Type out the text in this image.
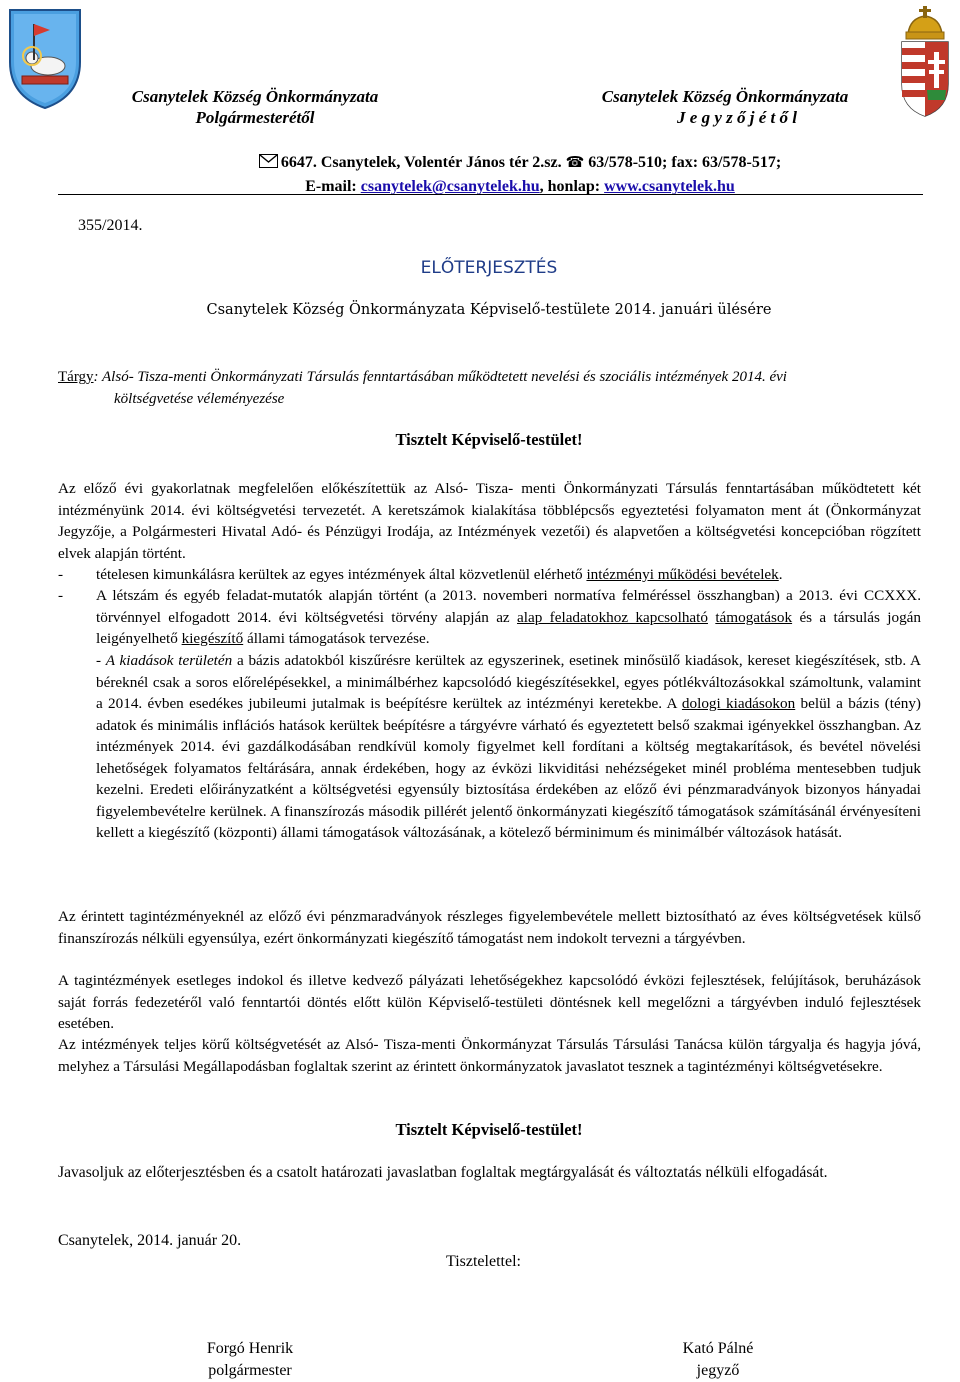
Csanytelek Község Önkormányzata
Polgármesterétől
Csanytelek Község Önkormányzata
J e g y z ő j é t ő l
6647. Csanytelek, Volentér János tér 2.sz. ☎ 63/578-510; fax: 63/578-517;
E-mail: csanytelek@csanytelek.hu, honlap: www.csanytelek.hu
355/2014.
ELŐTERJESZTÉS
Csanytelek Község Önkormányzata Képviselő-testülete 2014. januári ülésére
Tárgy: Alsó- Tisza-menti Önkormányzati Társulás fenntartásában működtetett nevelési és szociális intézmények 2014. évi
költségvetése véleményezése
Tisztelt Képviselő-testület!
Az előző évi gyakorlatnak megfelelően előkészítettük az Alsó- Tisza- menti Önkormányzati Társulás fenntartásában működtetett két intézményünk 2014. évi költségvetési tervezetét. A keretszámok kialakítása többlépcsős egyeztetési folyamaton ment át (Önkormányzat Jegyzője, a Polgármesteri Hivatal Adó- és Pénzügyi Irodája, az Intézmények vezetői) és alapvetően a költségvetési koncepcióban rögzített elvek alapján történt.
- tételesen kimunkálásra kerültek az egyes intézmények által közvetlenül elérhető intézményi működési bevételek.
- A létszám és egyéb feladat-mutatók alapján történt (a 2013. novemberi normatíva felméréssel összhangban) a 2013. évi CCXXX. törvénnyel elfogadott 2014. évi költségvetési törvény alapján az alap feladatokhoz kapcsolható támogatások és a társulás jogán leigényelhető kiegészítő állami támogatások tervezése.
- A kiadások területén a bázis adatokból kiszűrésre kerültek az egyszerinek, esetinek minősülő kiadások, kereset kiegészítések, stb. A béreknél csak a soros előrelépésekkel, a minimálbérhez kapcsolódó kiegészítésekkel, egyes pótlékváltozásokkal számoltunk, valamint a 2014. évben esedékes jubileumi jutalmak is beépítésre kerültek az intézményi keretekbe. A dologi kiadásokon belül a bázis (tény) adatok és minimális inflációs hatások kerültek beépítésre a tárgyévre várható és egyeztetett belső szakmai igényekkel összhangban. Az intézmények 2014. évi gazdálkodásában rendkívül komoly figyelmet kell fordítani a költség megtakarítások, és bevétel növelési lehetőségek folyamatos feltárására, annak érdekében, hogy az évközi likviditási nehézségeket minél probléma mentesebben tudjuk kezelni. Eredeti előirányzatként a költségvetési egyensúly biztosítása érdekében az előző évi pénzmaradványok bizonyos hányadai figyelembevételre kerülnek. A finanszírozás második pillérét jelentő önkormányzati kiegészítő támogatások számításánál érvényesíteni kellett a kiegészítő (központi) állami támogatások változásának, a kötelező bérminimum és minimálbér változások hatását.
Az érintett tagintézményeknél az előző évi pénzmaradványok részleges figyelembevétele mellett biztosítható az éves költségvetések külső finanszírozás nélküli egyensúlya, ezért önkormányzati kiegészítő támogatást nem indokolt tervezni a tárgyévben.
A tagintézmények esetleges indokol és illetve kedvező pályázati lehetőségekhez kapcsolódó évközi fejlesztések, felújítások, beruházások saját forrás fedezetéről való fenntartói döntés előtt külön Képviselő-testületi döntésnek kell megelőzni a tárgyévben induló fejlesztések esetében.
Az intézmények teljes körű költségvetését az Alsó- Tisza-menti Önkormányzat Társulás Társulási Tanácsa külön tárgyalja és hagyja jóvá, melyhez a Társulási Megállapodásban foglaltak szerint az érintett önkormányzatok javaslatot tesznek a tagintézményi költségvetésekre.
Tisztelt Képviselő-testület!
Javasoljuk az előterjesztésben és a csatolt határozati javaslatban foglaltak megtárgyalását és változtatás nélküli elfogadását.
Csanytelek, 2014. január 20.
Tisztelettel:
Forgó Henrik
polgármester
Kató Pálné
jegyző
